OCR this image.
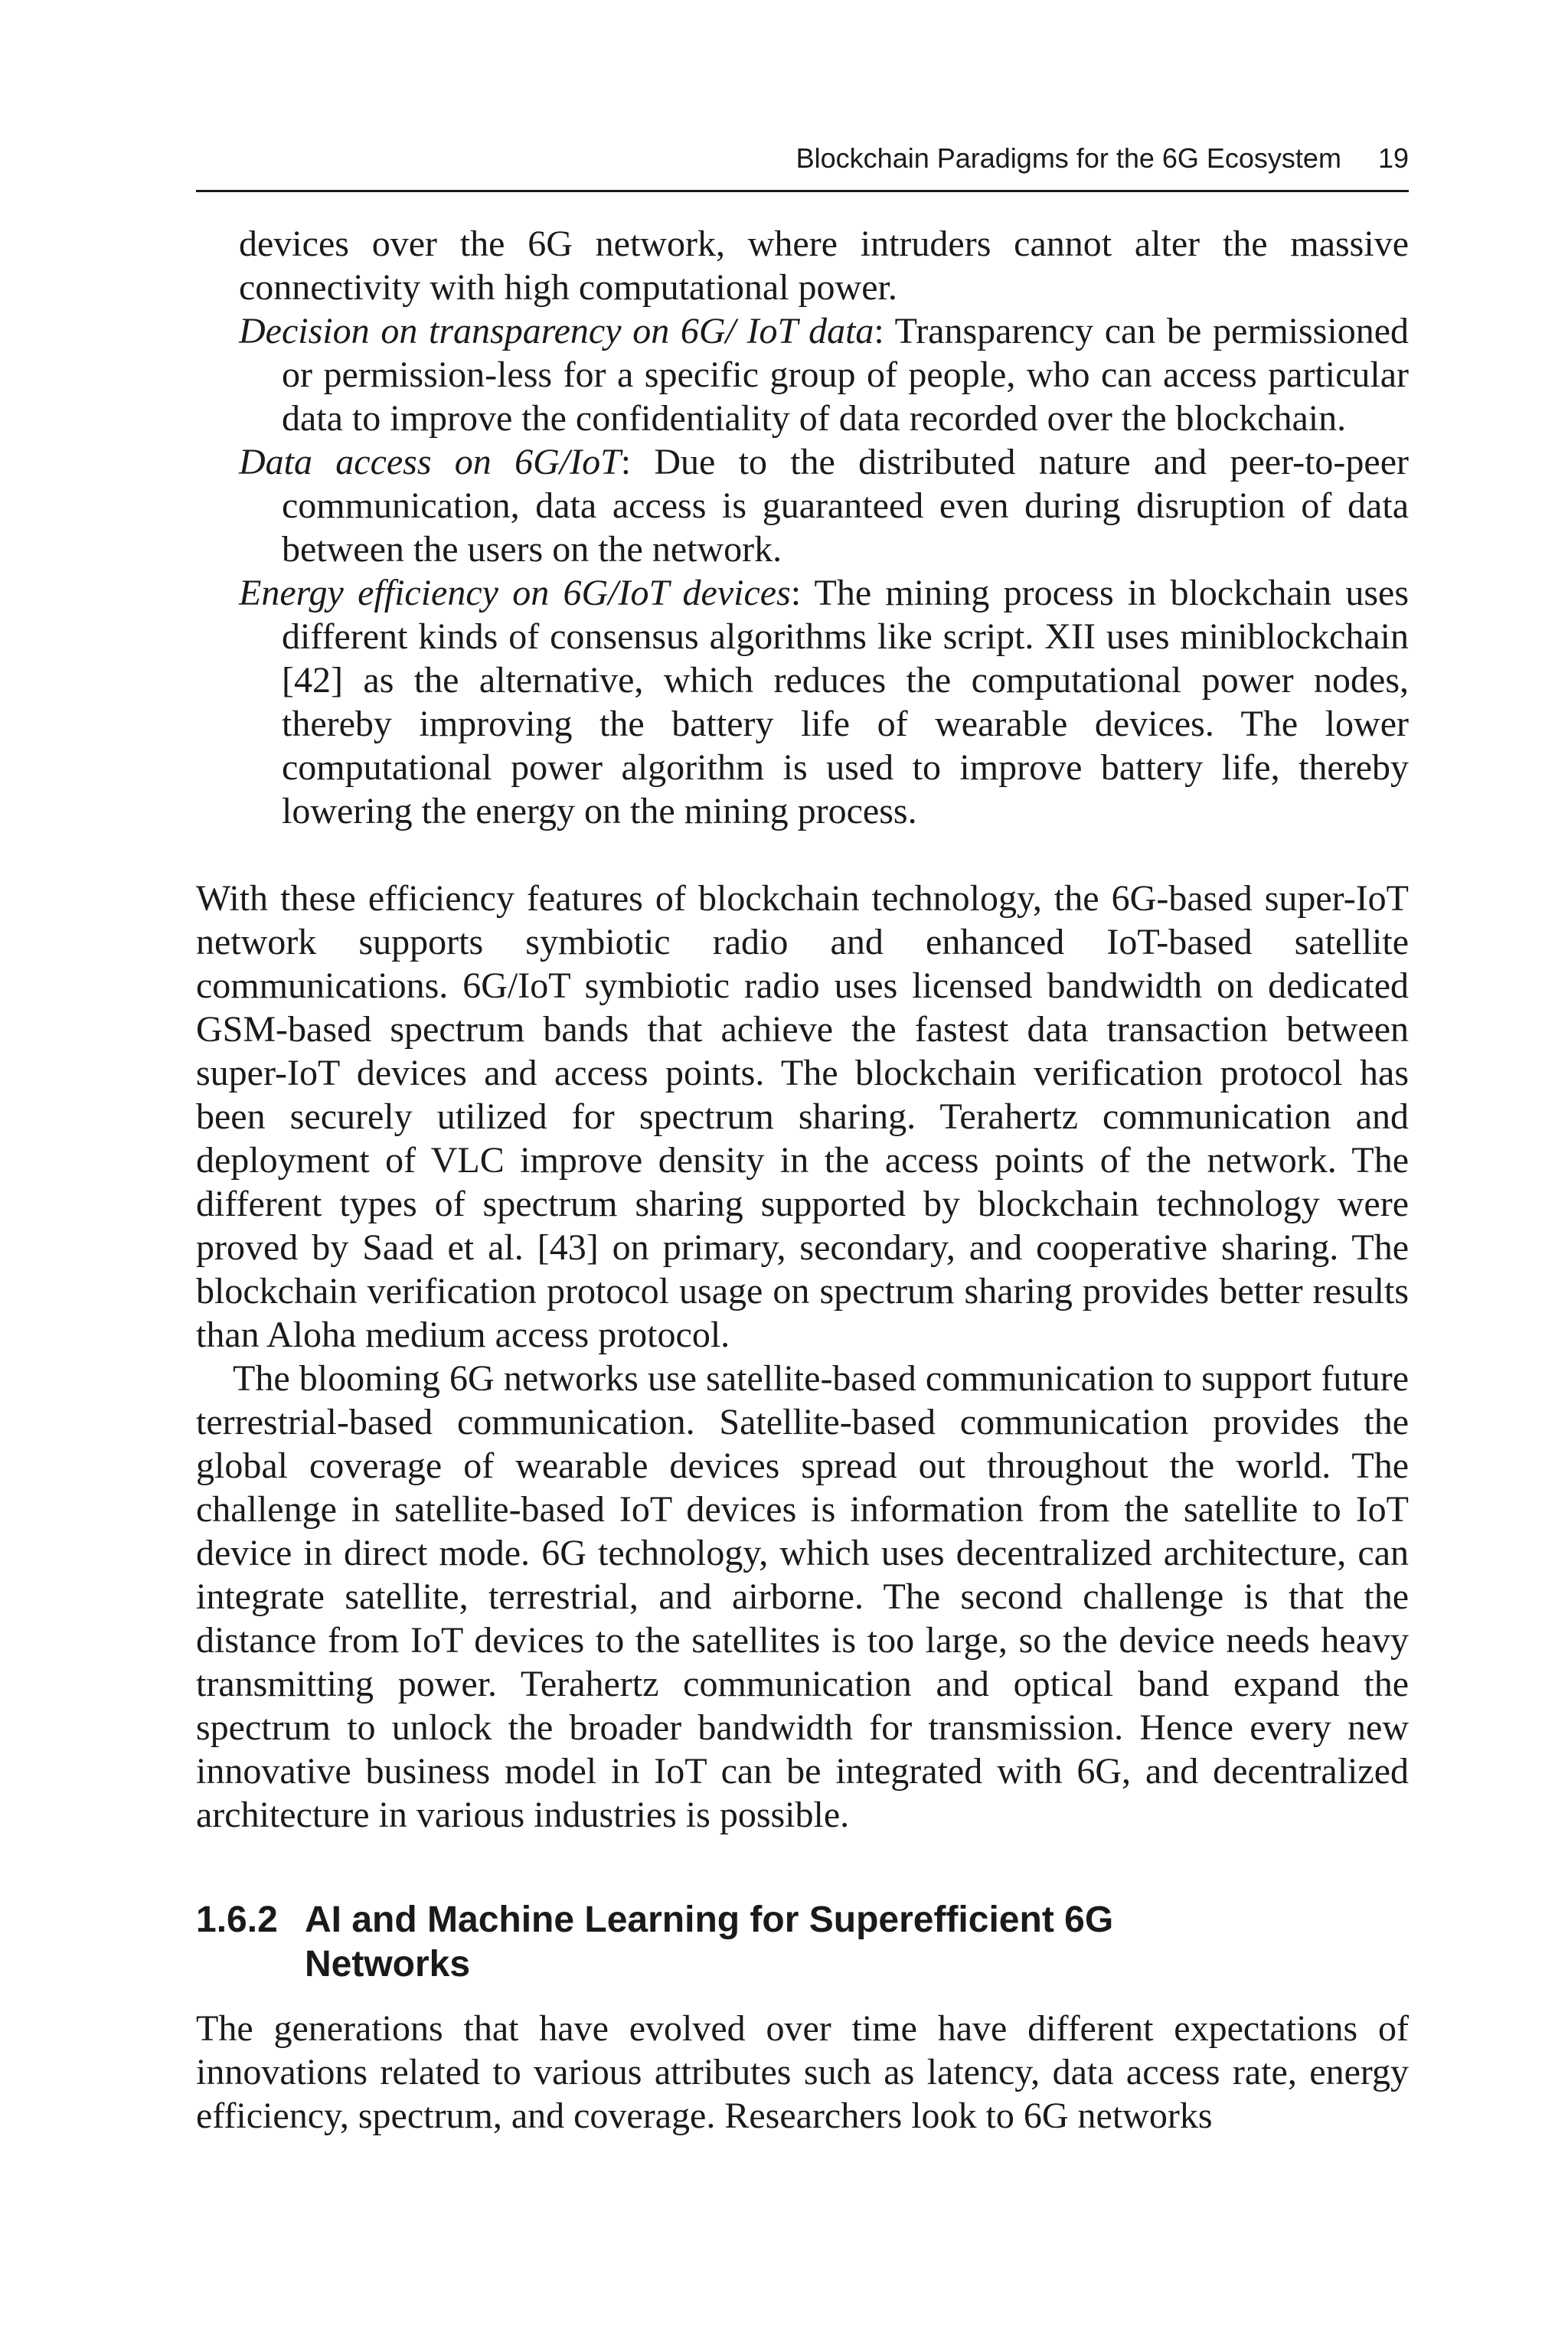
Blockchain Paradigms for the 6G Ecosystem 19

devices over the 6G network, where intruders cannot alter the massive connectivity with high computational power.

Decision on transparency on 6G/ IoT data: Transparency can be permissioned or permission-less for a specific group of people, who can access particular data to improve the confidentiality of data recorded over the blockchain.

Data access on 6G/IoT: Due to the distributed nature and peer-to-peer communication, data access is guaranteed even during disruption of data between the users on the network.

Energy efficiency on 6G/IoT devices: The mining process in blockchain uses different kinds of consensus algorithms like script. XII uses miniblockchain [42] as the alternative, which reduces the computational power nodes, thereby improving the battery life of wearable devices. The lower computational power algorithm is used to improve battery life, thereby lowering the energy on the mining process.

With these efficiency features of blockchain technology, the 6G-based super-IoT network supports symbiotic radio and enhanced IoT-based satellite communications. 6G/IoT symbiotic radio uses licensed bandwidth on dedicated GSM-based spectrum bands that achieve the fastest data transaction between super-IoT devices and access points. The blockchain verification protocol has been securely utilized for spectrum sharing. Terahertz communication and deployment of VLC improve density in the access points of the network. The different types of spectrum sharing supported by blockchain technology were proved by Saad et al. [43] on primary, secondary, and cooperative sharing. The blockchain verification protocol usage on spectrum sharing provides better results than Aloha medium access protocol.

The blooming 6G networks use satellite-based communication to support future terrestrial-based communication. Satellite-based communication provides the global coverage of wearable devices spread out throughout the world. The challenge in satellite-based IoT devices is information from the satellite to IoT device in direct mode. 6G technology, which uses decentralized architecture, can integrate satellite, terrestrial, and airborne. The second challenge is that the distance from IoT devices to the satellites is too large, so the device needs heavy transmitting power. Terahertz communication and optical band expand the spectrum to unlock the broader bandwidth for transmission. Hence every new innovative business model in IoT can be integrated with 6G, and decentralized architecture in various industries is possible.

1.6.2 AI and Machine Learning for Superefficient 6G Networks

The generations that have evolved over time have different expectations of innovations related to various attributes such as latency, data access rate, energy efficiency, spectrum, and coverage. Researchers look to 6G networks
